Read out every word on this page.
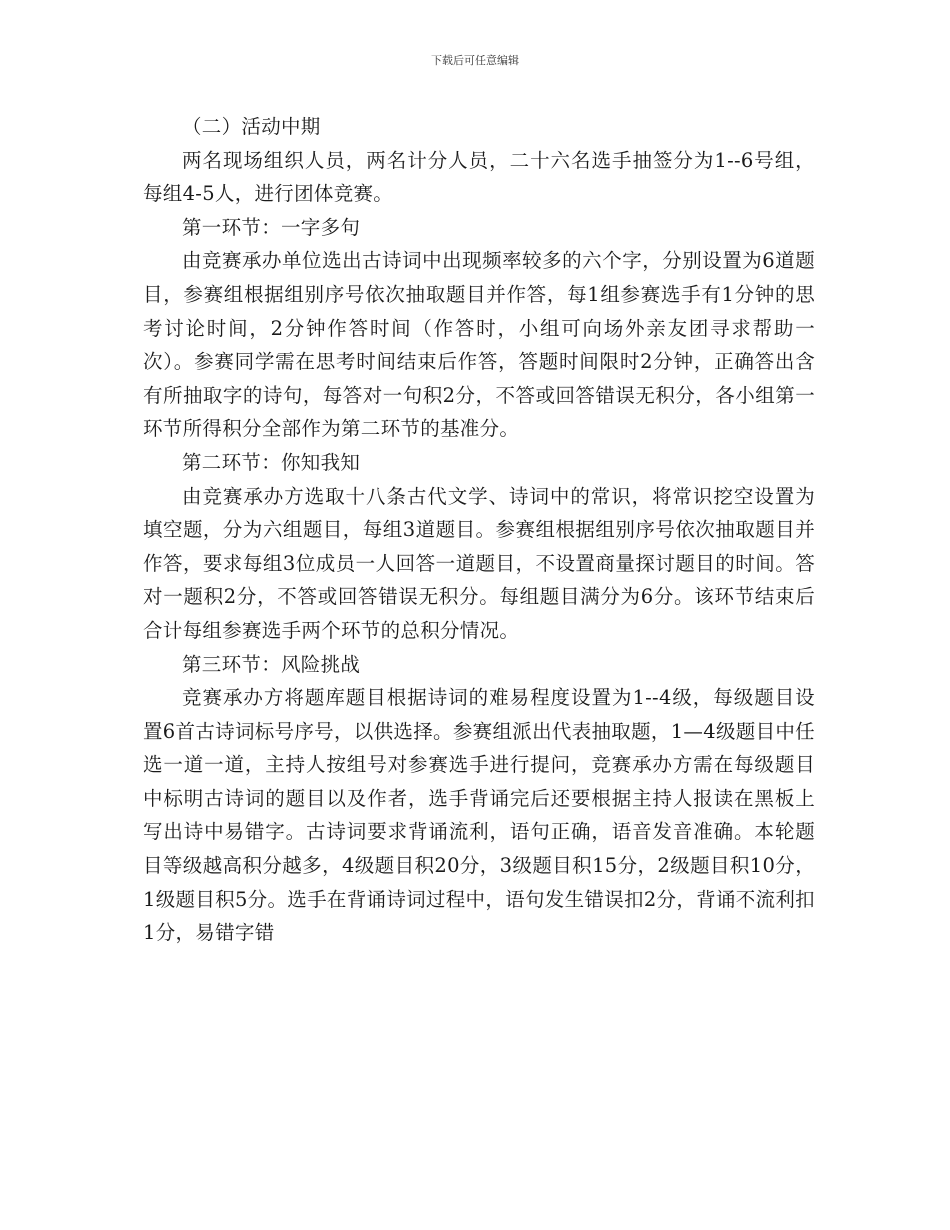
下载后可任意编辑

（二）活动中期

两名现场组织人员，两名计分人员，二十六名选手抽签分为1--6号组，每组4-5人，进行团体竞赛。

第一环节：一字多句

由竞赛承办单位选出古诗词中出现频率较多的六个字，分别设置为6道题目，参赛组根据组别序号依次抽取题目并作答，每1组参赛选手有1分钟的思考讨论时间，2分钟作答时间（作答时，小组可向场外亲友团寻求帮助一次）。参赛同学需在思考时间结束后作答，答题时间限时2分钟，正确答出含有所抽取字的诗句，每答对一句积2分，不答或回答错误无积分，各小组第一环节所得积分全部作为第二环节的基准分。

第二环节：你知我知

由竞赛承办方选取十八条古代文学、诗词中的常识，将常识挖空设置为填空题，分为六组题目，每组3道题目。参赛组根据组别序号依次抽取题目并作答，要求每组3位成员一人回答一道题目，不设置商量探讨题目的时间。答对一题积2分，不答或回答错误无积分。每组题目满分为6分。该环节结束后合计每组参赛选手两个环节的总积分情况。

第三环节：风险挑战

竞赛承办方将题库题目根据诗词的难易程度设置为1--4级，每级题目设置6首古诗词标号序号，以供选择。参赛组派出代表抽取题，1—4级题目中任选一道一道，主持人按组号对参赛选手进行提问，竞赛承办方需在每级题目中标明古诗词的题目以及作者，选手背诵完后还要根据主持人报读在黑板上写出诗中易错字。古诗词要求背诵流利，语句正确，语音发音准确。本轮题目等级越高积分越多，4级题目积20分，3级题目积15分，2级题目积10分，1级题目积5分。选手在背诵诗词过程中，语句发生错误扣2分，背诵不流利扣1分，易错字错
